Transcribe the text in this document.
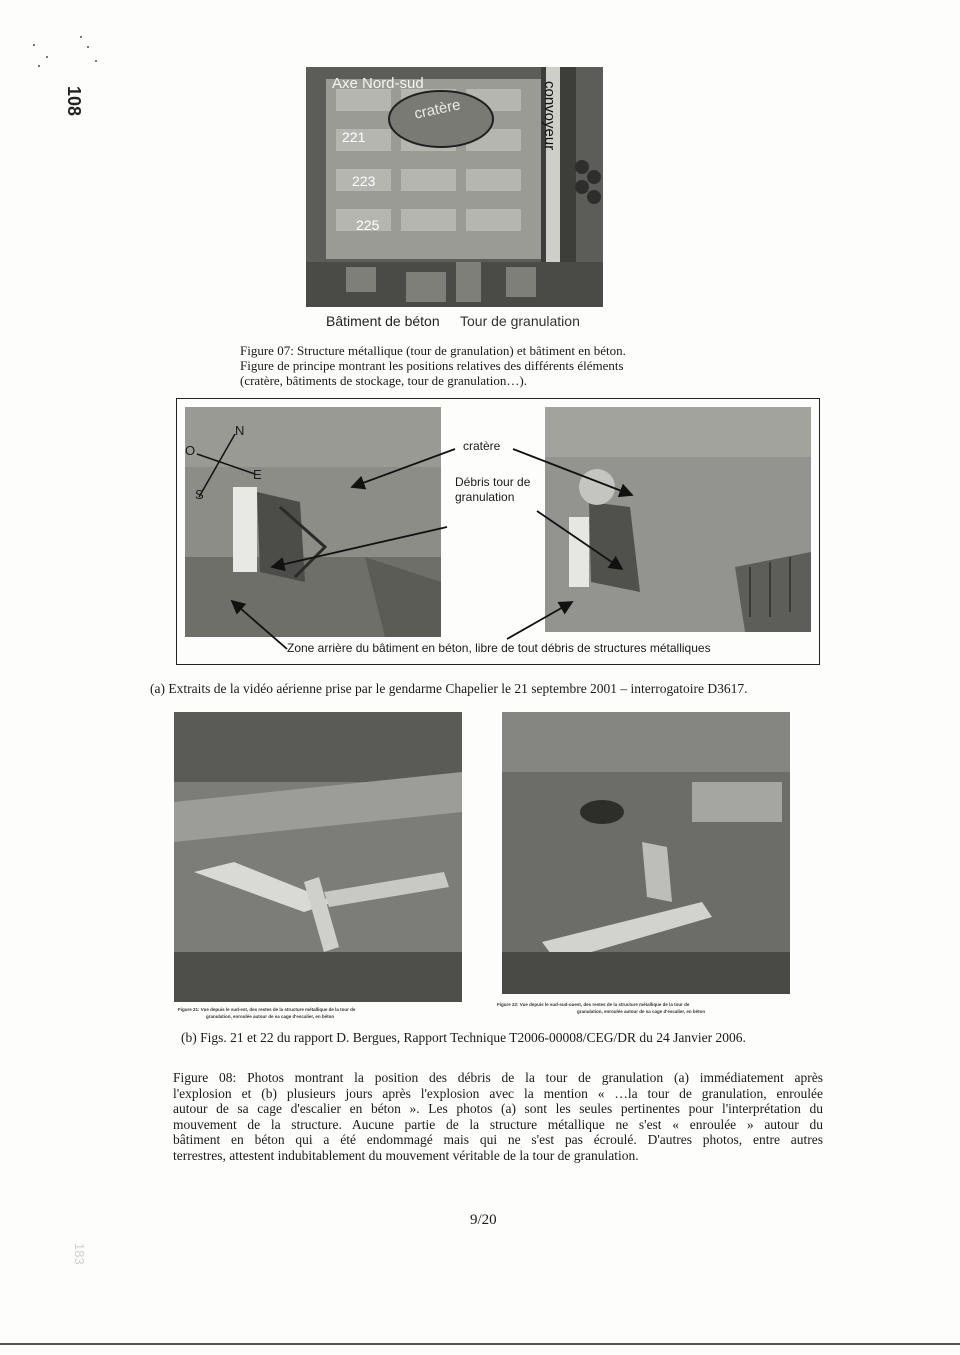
108
183
Axe Nord-sud
cratère	convoyeur
221
223
225
Bâtiment de béton Tour de granulation
Figure 07: Structure métallique (tour de granulation) et bâtiment en béton.
Figure de principe montrant les positions relatives des différents éléments
(cratère, bâtiments de stockage, tour de granulation…).
N
O
E
S
cratère
Débris tour de
granulation
Zone arrière du bâtiment en béton, libre de tout débris de structures métalliques
(a) Extraits de la vidéo aérienne prise par le gendarme Chapelier le 21 septembre 2001 – interrogatoire D3617.
Figure 21: Vue depuis le sud-est, des restes de la structure métallique de la tour de
granulation, enroulée autour de sa cage d'escalier, en béton
Figure 22: Vue depuis le sud-sud-ouest, des restes de la structure métallique de la tour de
granulation, enroulée autour de sa cage d'escalier, en béton
(b) Figs. 21 et 22 du rapport D. Bergues, Rapport Technique T2006-00008/CEG/DR du 24 Janvier 2006.
Figure 08: Photos montrant la position des débris de la tour de granulation (a) immédiatement après
l'explosion et (b) plusieurs jours après l'explosion avec la mention « …la tour de granulation, enroulée
autour de sa cage d'escalier en béton ». Les photos (a) sont les seules pertinentes pour l'interprétation du
mouvement de la structure. Aucune partie de la structure métallique ne s'est « enroulée » autour du
bâtiment en béton qui a été endommagé mais qui ne s'est pas écroulé. D'autres photos, entre autres
terrestres, attestent indubitablement du mouvement véritable de la tour de granulation.
9/20
